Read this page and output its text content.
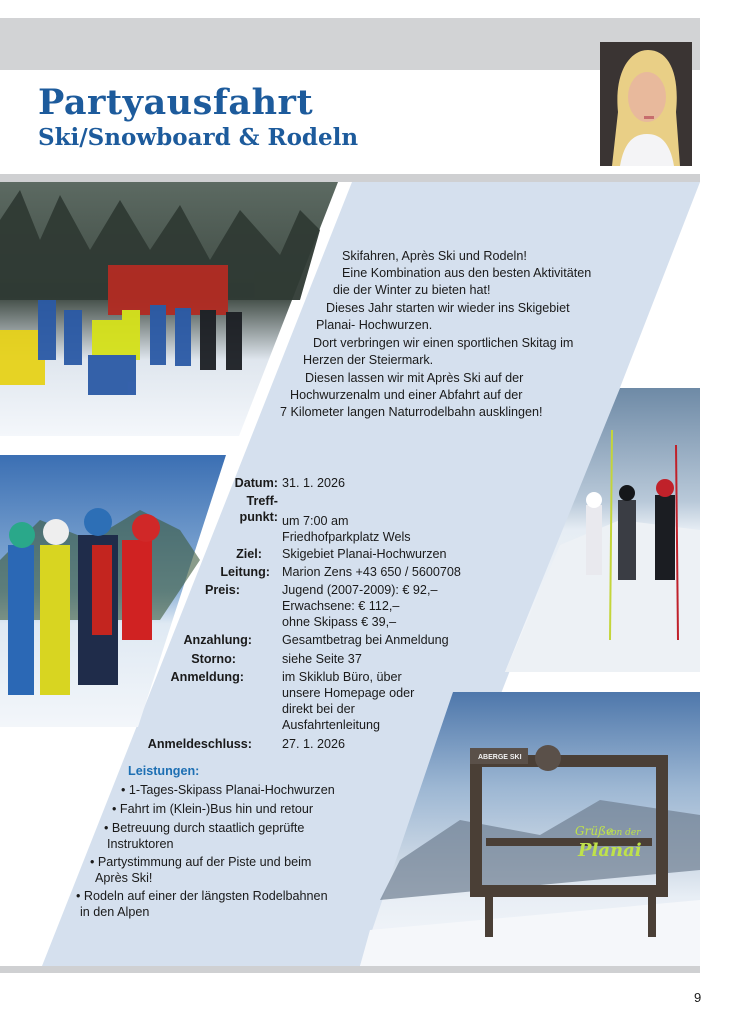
ABERGE SKI
Grüße
von der
Planai
Partyausfahrt
Ski/Snowboard & Rodeln
Skifahren, Après Ski und Rodeln!
Eine Kombination aus den besten Aktivitäten
die der Winter zu bieten hat!
Dieses Jahr starten wir wieder ins Skigebiet
Planai- Hochwurzen.
Dort verbringen wir einen sportlichen Skitag im
Herzen der Steiermark.
Diesen lassen wir mit Après Ski auf der
Hochwurzenalm und einer Abfahrt auf der
7 Kilometer langen Naturrodelbahn ausklingen!
Datum: 31. 1. 2026
Treff-
punkt: um 7:00 am
Friedhofparkplatz Wels
Ziel: Skigebiet Planai-Hochwurzen
Leitung: Marion Zens +43 650 / 5600708
Preis:	Jugend (2007-2009): € 92,–
Erwachsene: € 112,–
ohne Skipass € 39,–
Anzahlung: Gesamtbetrag bei Anmeldung
Storno:	siehe Seite 37
Anmeldung:	im Skiklub Büro, über
unsere Homepage oder
direkt bei der
Ausfahrtenleitung
Anmeldeschluss: 27. 1. 2026
Leistungen:
• 1-Tages-Skipass Planai-Hochwurzen
• Fahrt im (Klein-)Bus hin und retour
• Betreuung durch staatlich geprüfte
Instruktoren
• Partystimmung auf der Piste und beim
Après Ski!
• Rodeln auf einer der längsten Rodelbahnen
in den Alpen
9
